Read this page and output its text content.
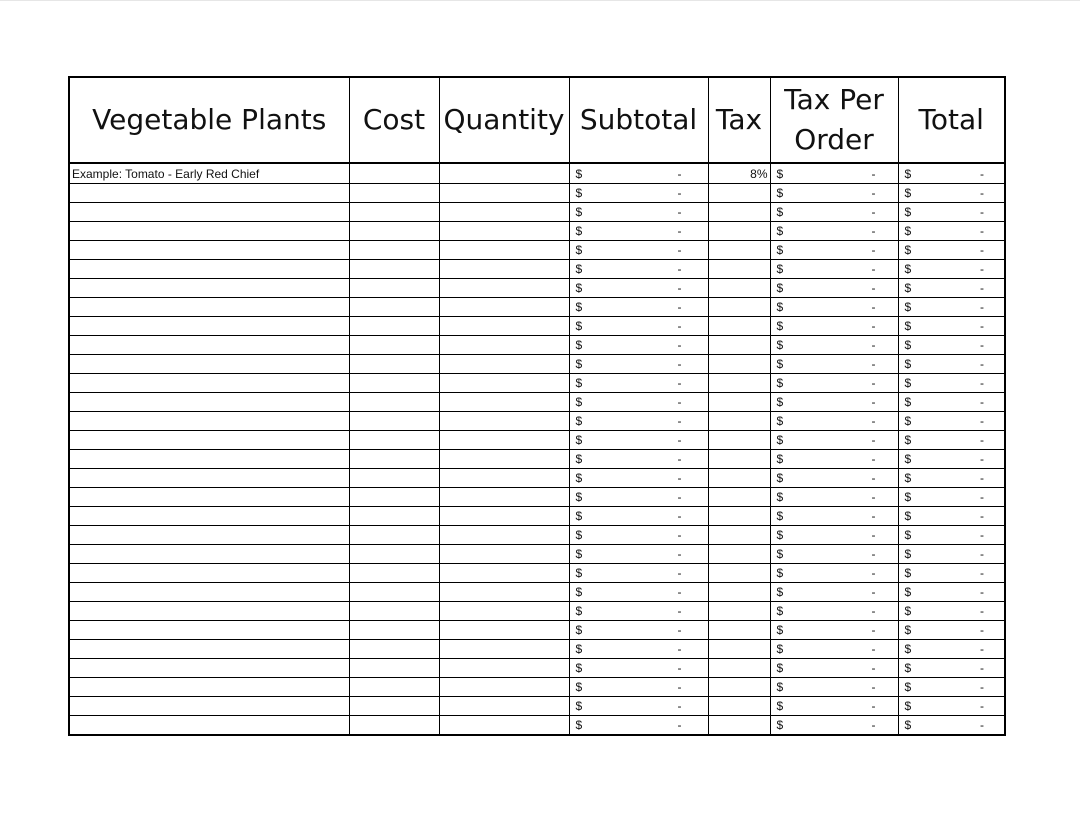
Vegetable Plants	Cost	Quantity	Subtotal	Tax	Tax Per Order	Total
Example: Tomato - Early Red Chief			$ -	8%	$ -	$ -

			$ -		$ -	$ -

			$ -		$ -	$ -

			$ -		$ -	$ -

			$ -		$ -	$ -

			$ -		$ -	$ -

			$ -		$ -	$ -

			$ -		$ -	$ -

			$ -		$ -	$ -

			$ -		$ -	$ -

			$ -		$ -	$ -

			$ -		$ -	$ -

			$ -		$ -	$ -

			$ -		$ -	$ -

			$ -		$ -	$ -

			$ -		$ -	$ -

			$ -		$ -	$ -

			$ -		$ -	$ -

			$ -		$ -	$ -

			$ -		$ -	$ -

			$ -		$ -	$ -

			$ -		$ -	$ -

			$ -		$ -	$ -

			$ -		$ -	$ -

			$ -		$ -	$ -

			$ -		$ -	$ -

			$ -		$ -	$ -

			$ -		$ -	$ -

			$ -		$ -	$ -

			$ -		$ -	$ -
